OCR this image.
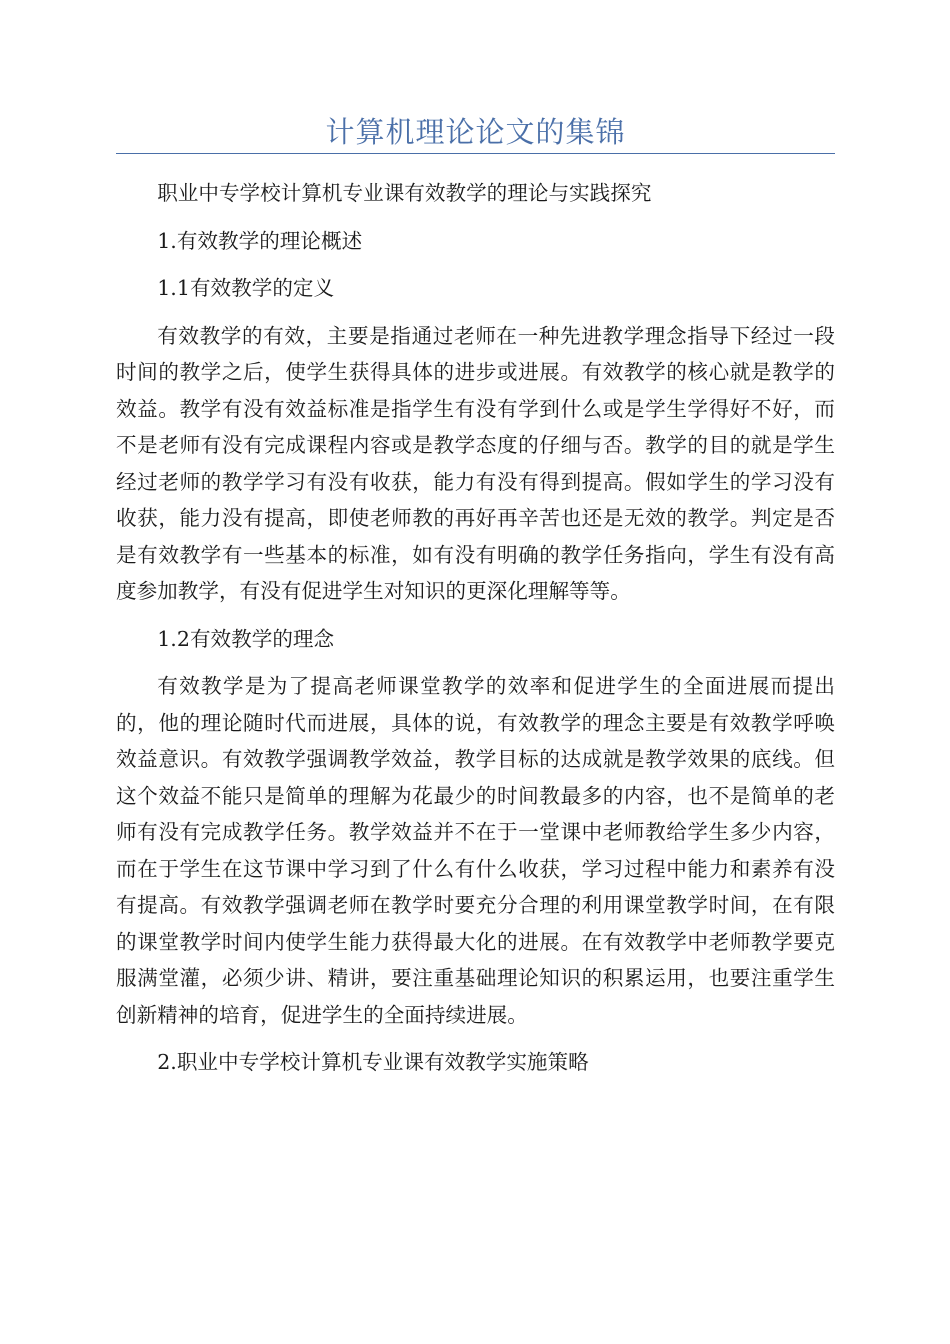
计算机理论论文的集锦

职业中专学校计算机专业课有效教学的理论与实践探究

1.有效教学的理论概述

1.1有效教学的定义

有效教学的有效，主要是指通过老师在一种先进教学理念指导下经过一段时间的教学之后，使学生获得具体的进步或进展。有效教学的核心就是教学的效益。教学有没有效益标准是指学生有没有学到什么或是学生学得好不好，而不是老师有没有完成课程内容或是教学态度的仔细与否。教学的目的就是学生经过老师的教学学习有没有收获，能力有没有得到提高。假如学生的学习没有收获，能力没有提高，即使老师教的再好再辛苦也还是无效的教学。判定是否是有效教学有一些基本的标准，如有没有明确的教学任务指向，学生有没有高度参加教学，有没有促进学生对知识的更深化理解等等。

1.2有效教学的理念

有效教学是为了提高老师课堂教学的效率和促进学生的全面进展而提出的，他的理论随时代而进展，具体的说，有效教学的理念主要是有效教学呼唤效益意识。有效教学强调教学效益，教学目标的达成就是教学效果的底线。但这个效益不能只是简单的理解为花最少的时间教最多的内容，也不是简单的老师有没有完成教学任务。教学效益并不在于一堂课中老师教给学生多少内容，而在于学生在这节课中学习到了什么有什么收获，学习过程中能力和素养有没有提高。有效教学强调老师在教学时要充分合理的利用课堂教学时间，在有限的课堂教学时间内使学生能力获得最大化的进展。在有效教学中老师教学要克服满堂灌，必须少讲、精讲，要注重基础理论知识的积累运用，也要注重学生创新精神的培育，促进学生的全面持续进展。

2.职业中专学校计算机专业课有效教学实施策略
